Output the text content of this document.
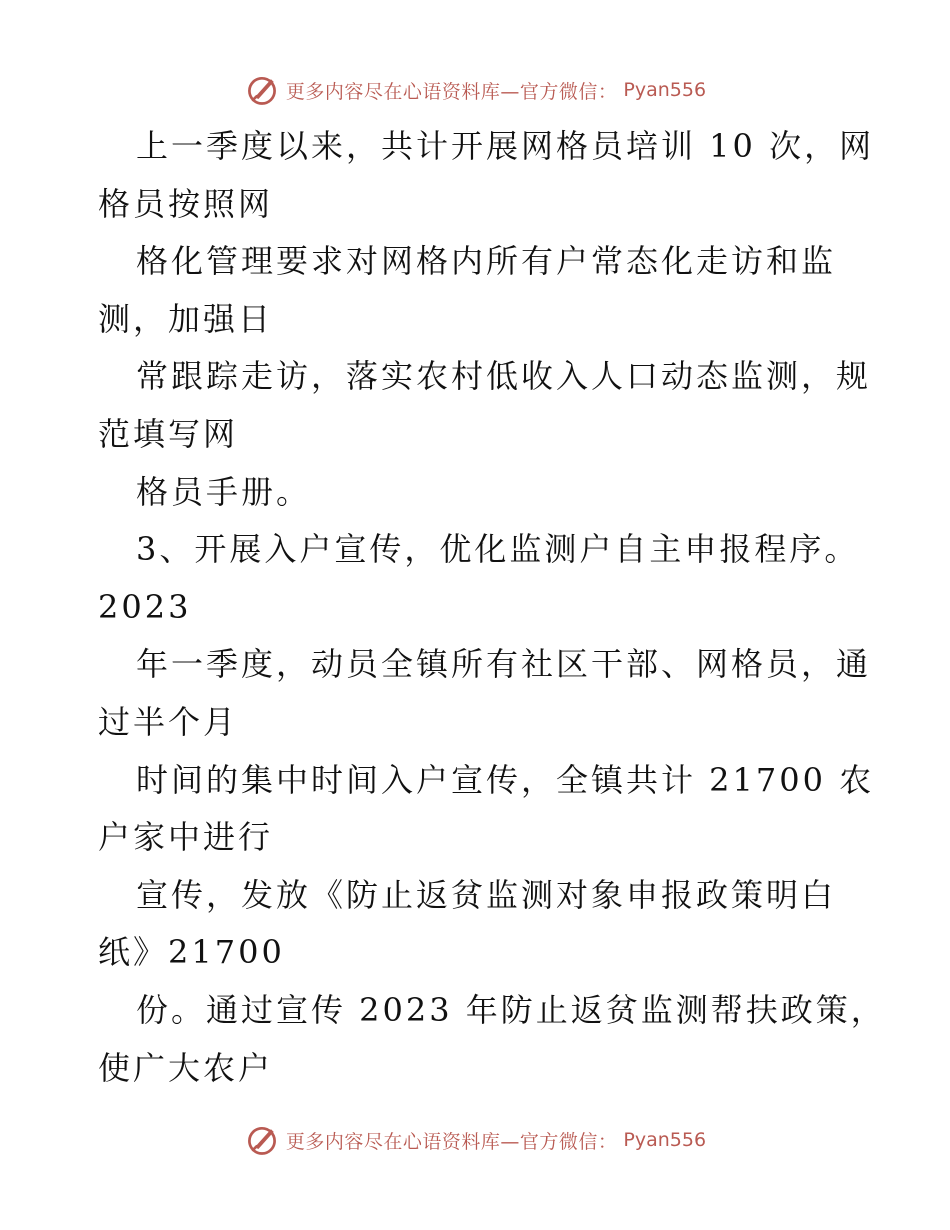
更多内容尽在心语资料库—官方微信： Pyan556
上一季度以来，共计开展网格员培训 10 次，网
格员按照网
格化管理要求对网格内所有户常态化走访和监
测，加强日
常跟踪走访，落实农村低收入人口动态监测，规
范填写网
格员手册。
3、开展入户宣传，优化监测户自主申报程序。
2023
年一季度，动员全镇所有社区干部、网格员，通
过半个月
时间的集中时间入户宣传，全镇共计 21700 农
户家中进行
宣传，发放《防止返贫监测对象申报政策明白
纸》21700
份。通过宣传 2023 年防止返贫监测帮扶政策，
使广大农户
更多内容尽在心语资料库—官方微信： Pyan556
